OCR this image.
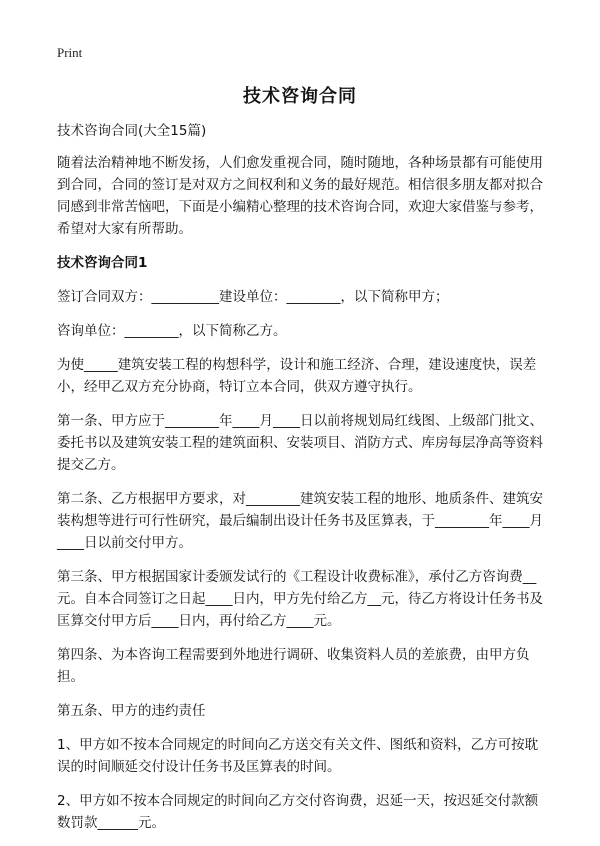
Print
技术咨询合同

技术咨询合同(大全15篇)

随着法治精神地不断发扬，人们愈发重视合同，随时随地，各种场景都有可能使用到合同，合同的签订是对双方之间权利和义务的最好规范。相信很多朋友都对拟合同感到非常苦恼吧，下面是小编精心整理的技术咨询合同，欢迎大家借鉴与参考，希望对大家有所帮助。

技术咨询合同1

签订合同双方：__________建设单位：________，以下简称甲方；

咨询单位：________，以下简称乙方。

为使_____建筑安装工程的构想科学，设计和施工经济、合理，建设速度快，误差小，经甲乙双方充分协商，特订立本合同，供双方遵守执行。

第一条、甲方应于________年____月____日以前将规划局红线图、上级部门批文、委托书以及建筑安装工程的建筑面积、安装项目、消防方式、库房每层净高等资料提交乙方。

第二条、乙方根据甲方要求，对________建筑安装工程的地形、地质条件、建筑安装构想等进行可行性研究，最后编制出设计任务书及匡算表，于________年____月____日以前交付甲方。

第三条、甲方根据国家计委颁发试行的《工程设计收费标准》，承付乙方咨询费__元。自本合同签订之日起____日内，甲方先付给乙方__元，待乙方将设计任务书及匡算交付甲方后____日内，再付给乙方____元。

第四条、为本咨询工程需要到外地进行调研、收集资料人员的差旅费，由甲方负担。

第五条、甲方的违约责任

1、甲方如不按本合同规定的时间向乙方送交有关文件、图纸和资料，乙方可按耽误的时间顺延交付设计任务书及匡算表的时间。

2、甲方如不按本合同规定的时间向乙方交付咨询费，迟延一天，按迟延交付款额数罚款______元。
